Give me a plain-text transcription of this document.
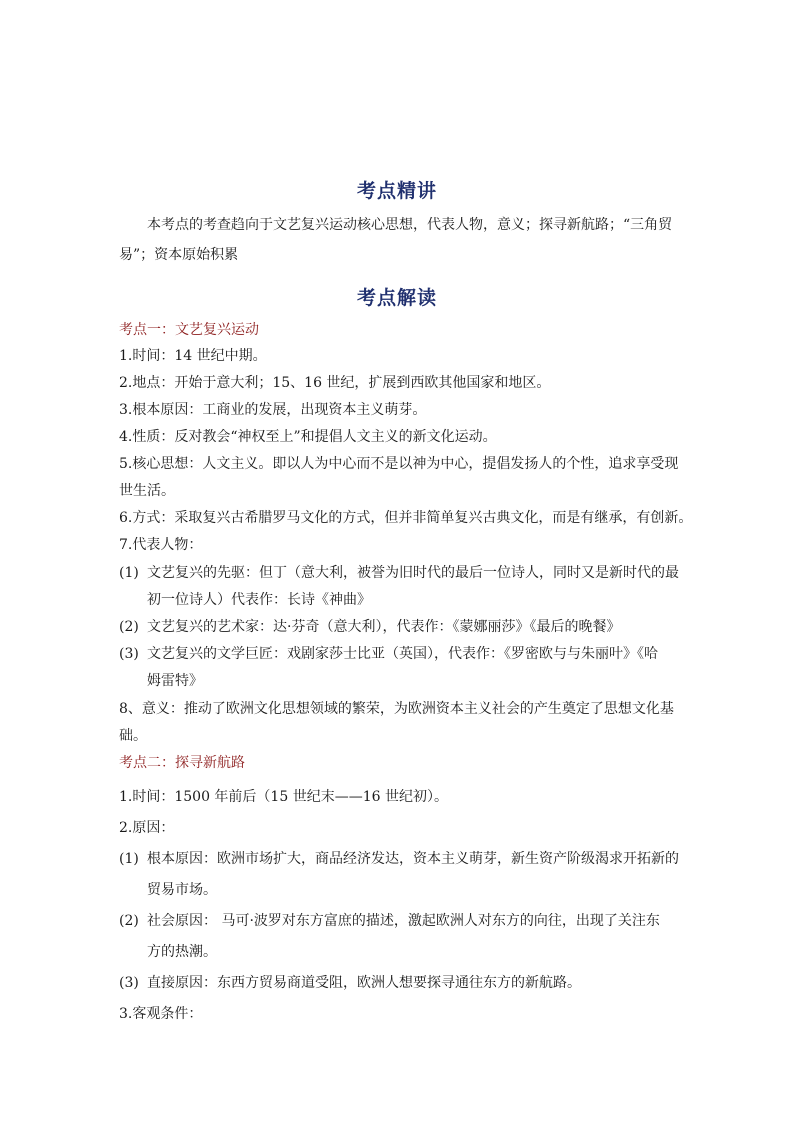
考点精讲
本考点的考查趋向于文艺复兴运动核心思想，代表人物，意义；探寻新航路；“三角贸
易”；资本原始积累
考点解读
考点一：文艺复兴运动
1.时间：14 世纪中期。
2.地点：开始于意大利；15、16 世纪，扩展到西欧其他国家和地区。
3.根本原因：工商业的发展，出现资本主义萌芽。
4.性质：反对教会“神权至上”和提倡人文主义的新文化运动。
5.核心思想：人文主义。即以人为中心而不是以神为中心，提倡发扬人的个性，追求享受现
世生活。
6.方式：采取复兴古希腊罗马文化的方式，但并非简单复兴古典文化，而是有继承，有创新。
7.代表人物：
(1) 文艺复兴的先驱：但丁（意大利，被誉为旧时代的最后一位诗人，同时又是新时代的最
初一位诗人）代表作：长诗《神曲》
(2) 文艺复兴的艺术家：达·芬奇（意大利），代表作：《蒙娜丽莎》《最后的晚餐》
(3) 文艺复兴的文学巨匠：戏剧家莎士比亚（英国），代表作：《罗密欧与与朱丽叶》《哈
姆雷特》
8、意义：推动了欧洲文化思想领域的繁荣，为欧洲资本主义社会的产生奠定了思想文化基
础。
考点二：探寻新航路
1.时间：1500 年前后（15 世纪末——16 世纪初）。
2.原因：
(1) 根本原因：欧洲市场扩大，商品经济发达，资本主义萌芽，新生资产阶级渴求开拓新的
贸易市场。
(2) 社会原因： 马可·波罗对东方富庶的描述，激起欧洲人对东方的向往，出现了关注东
方的热潮。
(3) 直接原因：东西方贸易商道受阻，欧洲人想要探寻通往东方的新航路。
3.客观条件：
